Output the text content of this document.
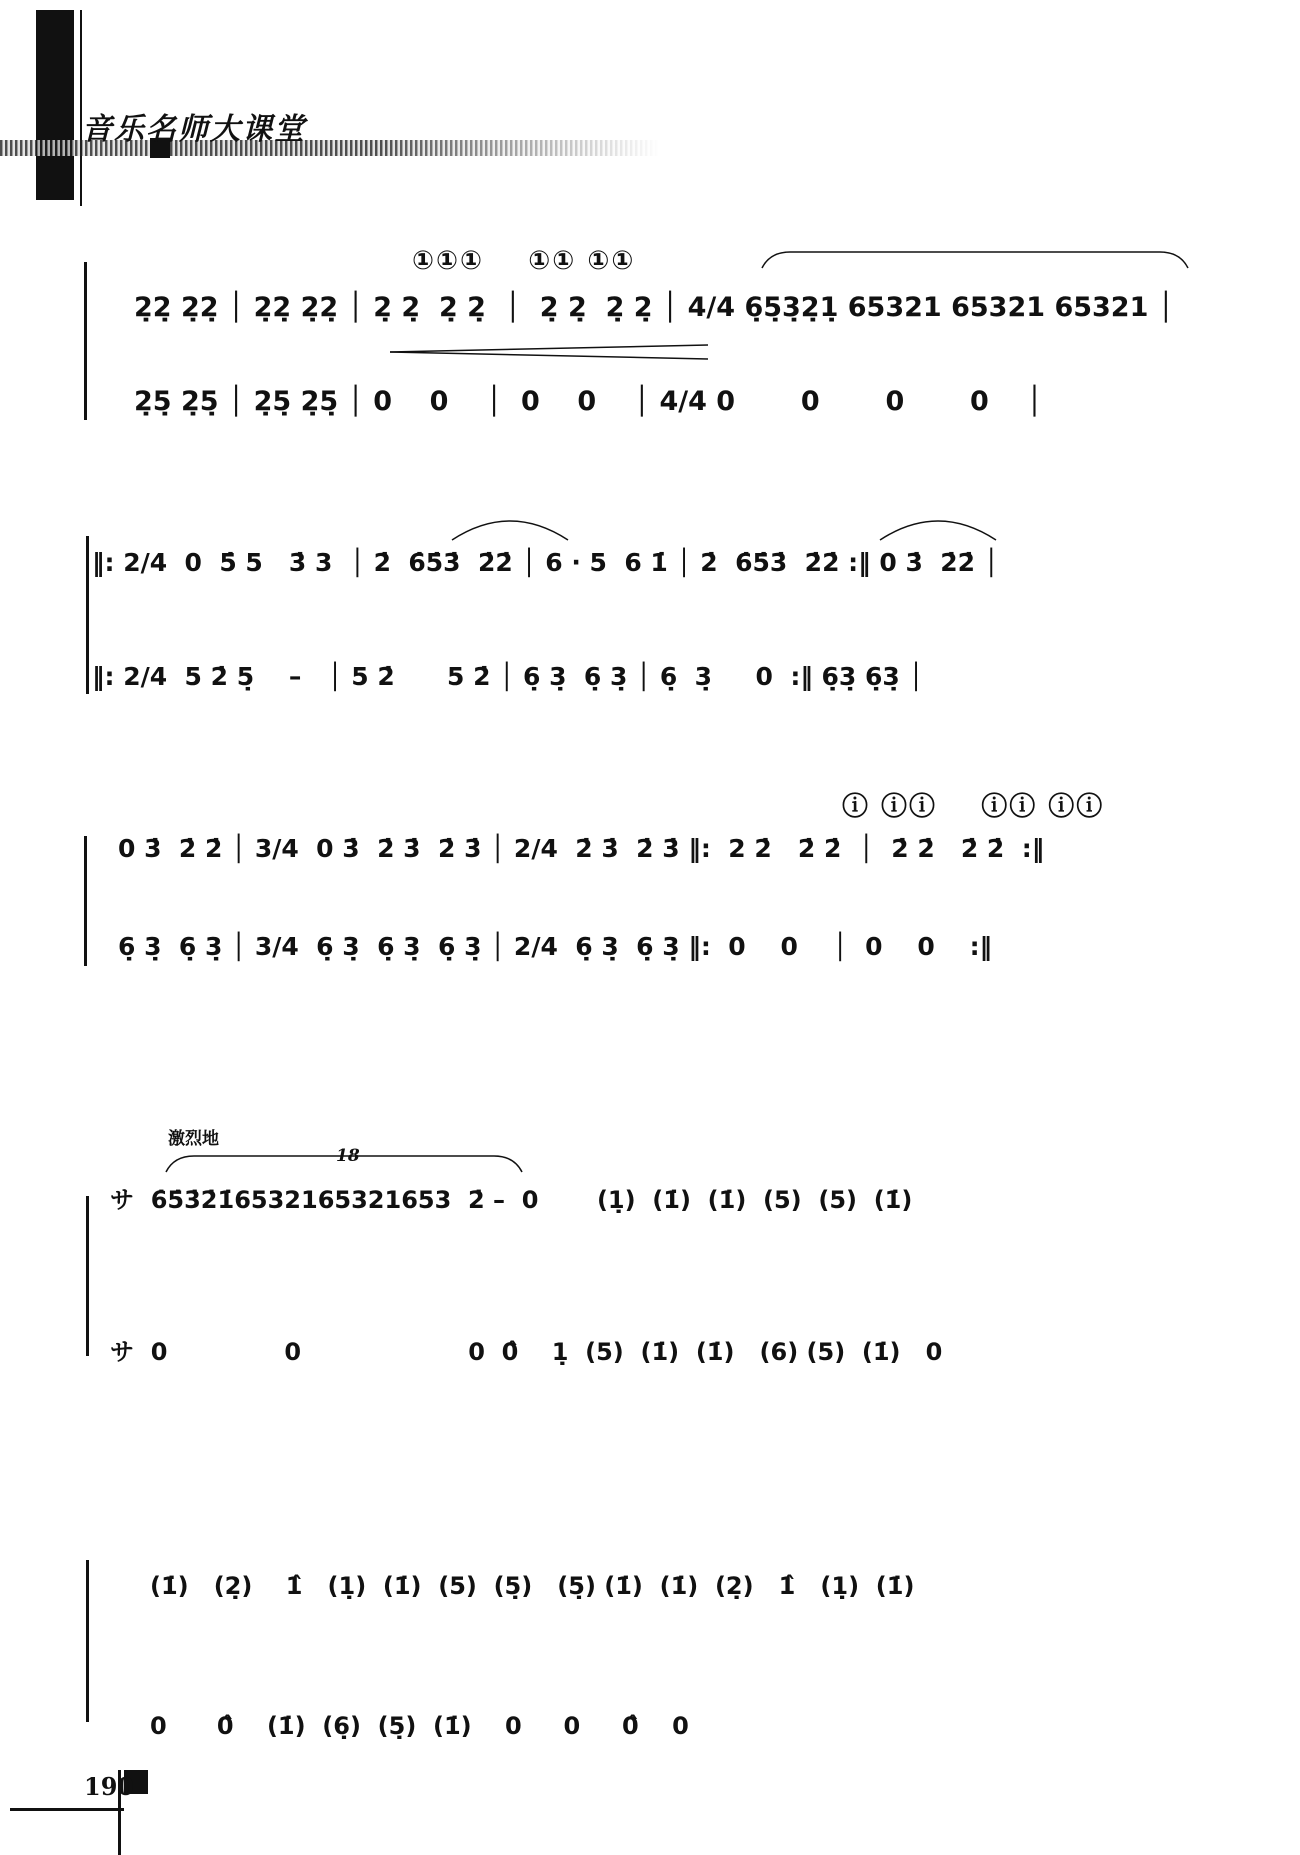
音乐名师大课堂
①①①    ①① ①①
2̣2̣ 2̣2̣ │ 2̣2̣ 2̣2̣ │ 2̣ 2̣  2̣ 2̣  │  2̣ 2̣  2̣ 2̣ │ 4/4 6̣5̣3̣2̣1̣ 65321 65321 65321 │
2̣5̣ 2̣5̣ │ 2̣5̣ 2̣5̣ │ 0    0    │  0    0    │ 4/4 0       0       0       0    │
‖: 2/4  0  5̇ 5   3̇ 3  │ 2̇  6̇5̇3̇  2̇2̇ │ 6 · 5  6 1̇ │ 2̇  6̇5̇3̇  2̇2̇ :‖ 0 3̇  2̇2̇ │
‖: 2/4  5 2̇ 5̣    –   │ 5 2̇      5 2̇ │ 6̣ 3̣  6̣ 3̣ │ 6̣  3̣     0  :‖ 6̣3̣ 6̣3̣ │
ⓘ ⓘⓘ    ⓘⓘ ⓘⓘ
0 3̇  2̇ 2̇ │ 3/4  0 3̇  2̇ 3̇  2̇ 3̇ │ 2/4  2̇ 3̇  2̇ 3̇ ‖:  2 2̇   2̇ 2̇  │  2̇ 2̇   2̇ 2̇  :‖
6̣ 3̣  6̣ 3̣ │ 3/4  6̣ 3̣  6̣ 3̣  6̣ 3̣ │ 2/4  6̣ 3̣  6̣ 3̣ ‖:  0    0    │  0    0    :‖
激烈地
18
サ  6̇5̇3̇2̇1̇6532165321653  2̇ –  0       (1̣)  (1̇)  (1̇)  (5)  (5)  (1̇)
サ  0              0                    0  0̂    1̣  (5)  (1̇)  (1̇)   (6) (5)  (1̇)   0
(1̇)   (2̣)    1̂   (1̣)  (1̇)  (5)  (5̣)   (5̣) (1̇)  (1̇)  (2̣)   1̂   (1̣)  (1̇)
0      0̂    (1̇)  (6̣)  (5̣)  (1̇)    0     0     0̂    0
190
